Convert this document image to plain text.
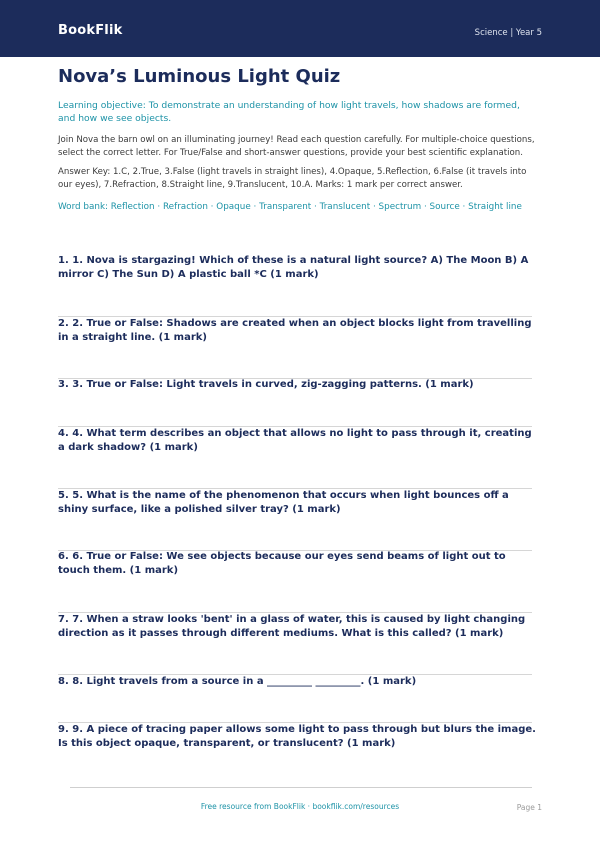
BookFlik	Science | Year 5
Nova’s Luminous Light Quiz

Learning objective: To demonstrate an understanding of how light travels, how shadows are formed, and how we see objects.

Join Nova the barn owl on an illuminating journey! Read each question carefully. For multiple-choice questions, select the correct letter. For True/False and short-answer questions, provide your best scientific explanation.

Answer Key: 1.C, 2.True, 3.False (light travels in straight lines), 4.Opaque, 5.Reflection, 6.False (it travels into our eyes), 7.Refraction, 8.Straight line, 9.Translucent, 10.A. Marks: 1 mark per correct answer.

Word bank: Reflection · Refraction · Opaque · Transparent · Translucent · Spectrum · Source · Straight line

1. 1. Nova is stargazing! Which of these is a natural light source? A) The Moon B) A mirror C) The Sun D) A plastic ball *C (1 mark)
2. 2. True or False: Shadows are created when an object blocks light from travelling in a straight line. (1 mark)
3. 3. True or False: Light travels in curved, zig-zagging patterns. (1 mark)
4. 4. What term describes an object that allows no light to pass through it, creating a dark shadow? (1 mark)
5. 5. What is the name of the phenomenon that occurs when light bounces off a shiny surface, like a polished silver tray? (1 mark)
6. 6. True or False: We see objects because our eyes send beams of light out to touch them. (1 mark)
7. 7. When a straw looks 'bent' in a glass of water, this is caused by light changing direction as it passes through different mediums. What is this called? (1 mark)
8. 8. Light travels from a source in a _________ _________. (1 mark)
9. 9. A piece of tracing paper allows some light to pass through but blurs the image. Is this object opaque, transparent, or translucent? (1 mark)
Free resource from BookFlik · bookflik.com/resources	Page 1
